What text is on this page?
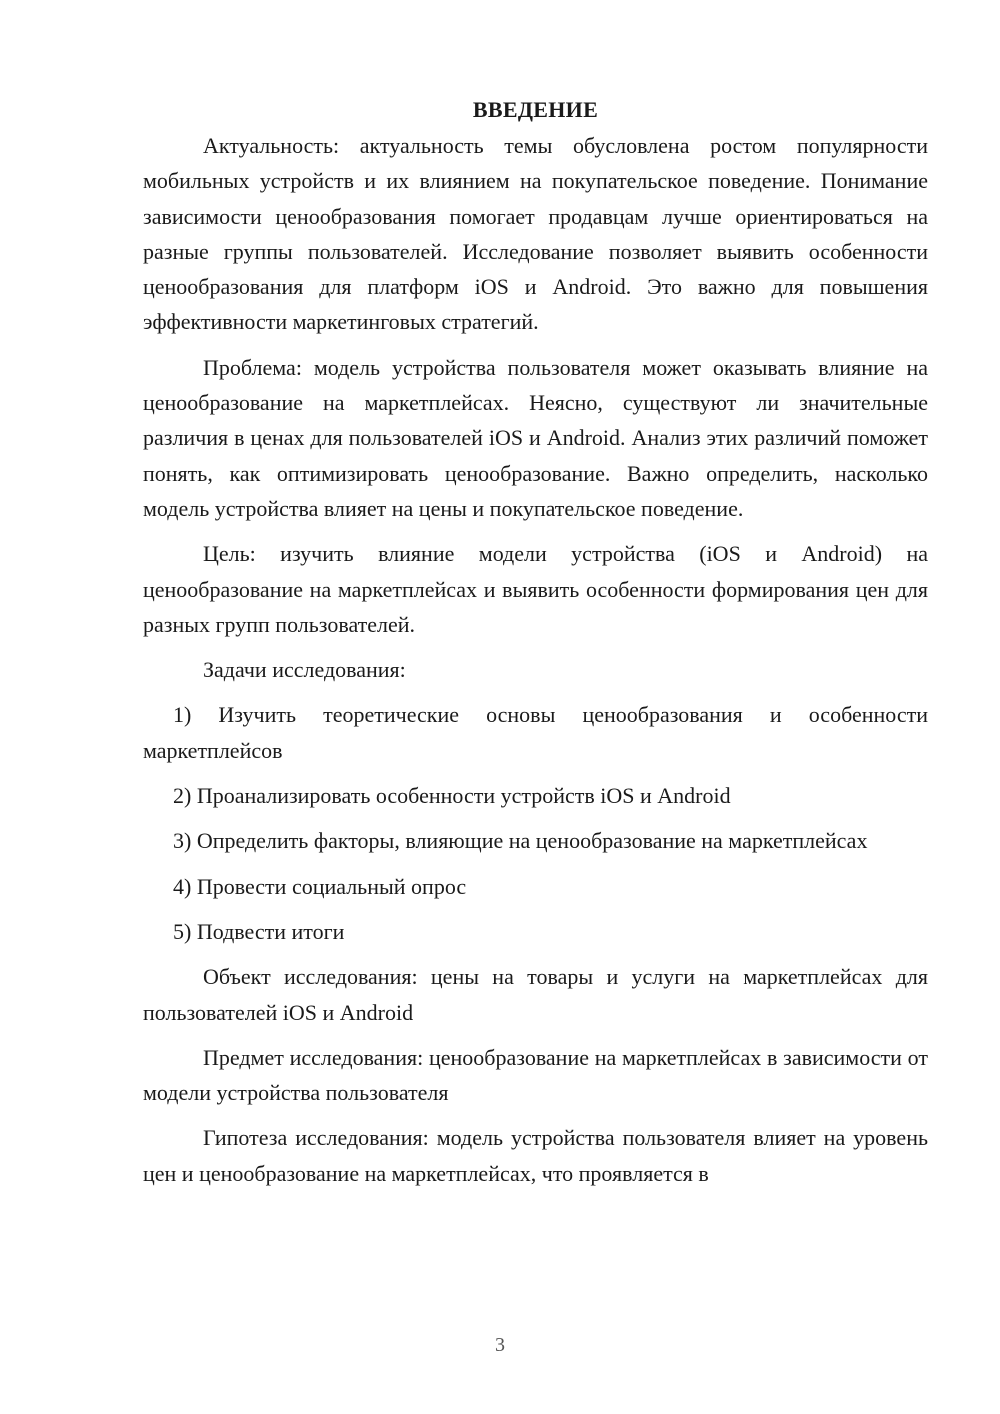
ВВЕДЕНИЕ

Актуальность: актуальность темы обусловлена ростом популярности мобильных устройств и их влиянием на покупательское поведение. Понимание зависимости ценообразования помогает продавцам лучше ориентироваться на разные группы пользователей. Исследование позволяет выявить особенности ценообразования для платформ iOS и Android. Это важно для повышения эффективности маркетинговых стратегий.

Проблема: модель устройства пользователя может оказывать влияние на ценообразование на маркетплейсах. Неясно, существуют ли значительные различия в ценах для пользователей iOS и Android. Анализ этих различий поможет понять, как оптимизировать ценообразование. Важно определить, насколько модель устройства влияет на цены и покупательское поведение.

Цель: изучить влияние модели устройства (iOS и Android) на ценообразование на маркетплейсах и выявить особенности формирования цен для разных групп пользователей.

Задачи исследования:

1) Изучить теоретические основы ценообразования и особенности маркетплейсов

2) Проанализировать особенности устройств iOS и Android

3) Определить факторы, влияющие на ценообразование на маркетплейсах

4) Провести социальный опрос

5) Подвести итоги

Объект исследования: цены на товары и услуги на маркетплейсах для пользователей iOS и Android

Предмет исследования: ценообразование на маркетплейсах в зависимости от модели устройства пользователя

Гипотеза исследования: модель устройства пользователя влияет на уровень цен и ценообразование на маркетплейсах, что проявляется в

3
